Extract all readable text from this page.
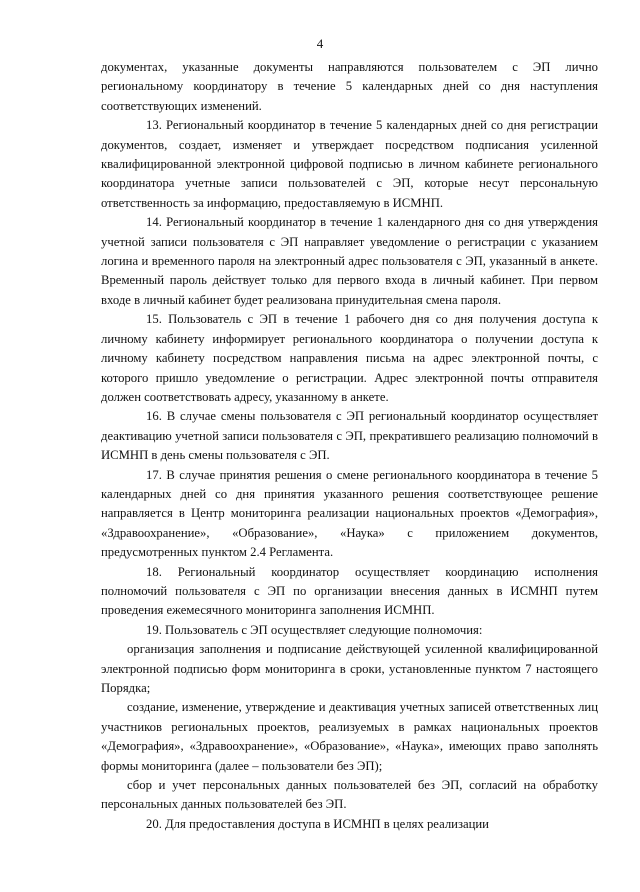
4

документах, указанные документы направляются пользователем с ЭП лично региональному координатору в течение 5 календарных дней со дня наступления соответствующих изменений.

13. Региональный координатор в течение 5 календарных дней со дня регистрации документов, создает, изменяет и утверждает посредством подписания усиленной квалифицированной электронной цифровой подписью в личном кабинете регионального координатора учетные записи пользователей с ЭП, которые несут персональную ответственность за информацию, предоставляемую в ИСМНП.

14. Региональный координатор в течение 1 календарного дня со дня утверждения учетной записи пользователя с ЭП направляет уведомление о регистрации с указанием логина и временного пароля на электронный адрес пользователя с ЭП, указанный в анкете. Временный пароль действует только для первого входа в личный кабинет. При первом входе в личный кабинет будет реализована принудительная смена пароля.

15. Пользователь с ЭП в течение 1 рабочего дня со дня получения доступа к личному кабинету информирует регионального координатора о получении доступа к личному кабинету посредством направления письма на адрес электронной почты, с которого пришло уведомление о регистрации. Адрес электронной почты отправителя должен соответствовать адресу, указанному в анкете.

16. В случае смены пользователя с ЭП региональный координатор осуществляет деактивацию учетной записи пользователя с ЭП, прекратившего реализацию полномочий в ИСМНП в день смены пользователя с ЭП.

17. В случае принятия решения о смене регионального координатора в течение 5 календарных дней со дня принятия указанного решения соответствующее решение направляется в Центр мониторинга реализации национальных проектов «Демография», «Здравоохранение», «Образование», «Наука» с приложением документов, предусмотренных пунктом 2.4 Регламента.

18. Региональный координатор осуществляет координацию исполнения полномочий пользователя с ЭП по организации внесения данных в ИСМНП путем проведения ежемесячного мониторинга заполнения ИСМНП.

19. Пользователь с ЭП осуществляет следующие полномочия:

организация заполнения и подписание действующей усиленной квалифицированной электронной подписью форм мониторинга в сроки, установленные пунктом 7 настоящего Порядка;

создание, изменение, утверждение и деактивация учетных записей ответственных лиц участников региональных проектов, реализуемых в рамках национальных проектов «Демография», «Здравоохранение», «Образование», «Наука», имеющих право заполнять формы мониторинга (далее – пользователи без ЭП);

сбор и учет персональных данных пользователей без ЭП, согласий на обработку персональных данных пользователей без ЭП.

20. Для предоставления доступа в ИСМНП в целях реализации
